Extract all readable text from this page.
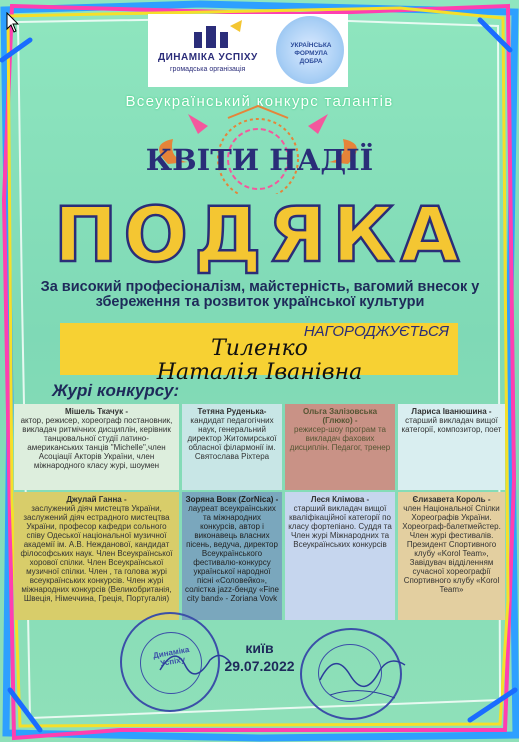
ДИНАМІКА УСПІХУ
громадська організація
УКРАЇНСЬКА
ФОРМУЛА
ДОБРА
Всеукраїнський конкурс талантів
КВІТИ НАДІЇ
ПОДЯКА
За високий професіоналізм, майстерність, вагомий внесок у збереження та розвиток української культури
НАГОРОДЖУЄТЬСЯ
Тиленко
Наталія Іванівна
Журі конкурсу:
Мішель Ткачук -
актор, режисер, хореограф постановник, викладач ритмічних дисциплін, керівник танцювальної студії латино-американських танців "Michelle",член Асоціації Акторів України, член міжнародного класу журі, шоумен
Тетяна Руденька-
кандидат педагогічних наук, генеральний директор Житомирської обласної філармонії ім. Святослава Ріхтера
Ольга Залізовська (Глюко) -
режисер-шоу програм та викладач фахових дисциплін. Педагог, тренер
Лариса Іванюшина -
старший викладач вищої категорії, композитор, поет
Джулай Ганна -
заслужений діяч мистецтв України, заслужений діяч естрадного мистецтва України, професор кафедри сольного співу Одеської національної музичної академії ім. А.В. Нежданової, кандидат філософських наук. Член Всеукраїнської хорової спілки. Член Всеукраїнської музичної спілки. Член , та голова журі всеукраїнських конкурсів. Член журі міжнародних конкурсів (Великобританія, Швеція, Німеччина, Греція, Португалія)
Зоряна Вовк (ZorNica) -
лауреат всеукраїнських та міжнародних конкурсів, автор і виконавець власних пісень, ведуча, директор Всеукраїнського фестивалю-конкурсу української народної пісні «Соловейко», солістка jazz-бенду «Fine city band» - Zoriana Vovk
Леся Клімова -
старший викладач вищої кваліфікаційної категорії по класу фортепіано. Суддя та Член журі Міжнародних та Всеукраїнських конкурсів
Єлизавета Король -
член Національної Спілки Хореографів України. Хореограф-балетмейстер. Член журі фестивалів. Президент Спортивного клубу «Korol Team», Завідувач відділенням сучасної хореографії Спортивного клубу «Korol Team»
Динаміка Успіху
київ
29.07.2022
